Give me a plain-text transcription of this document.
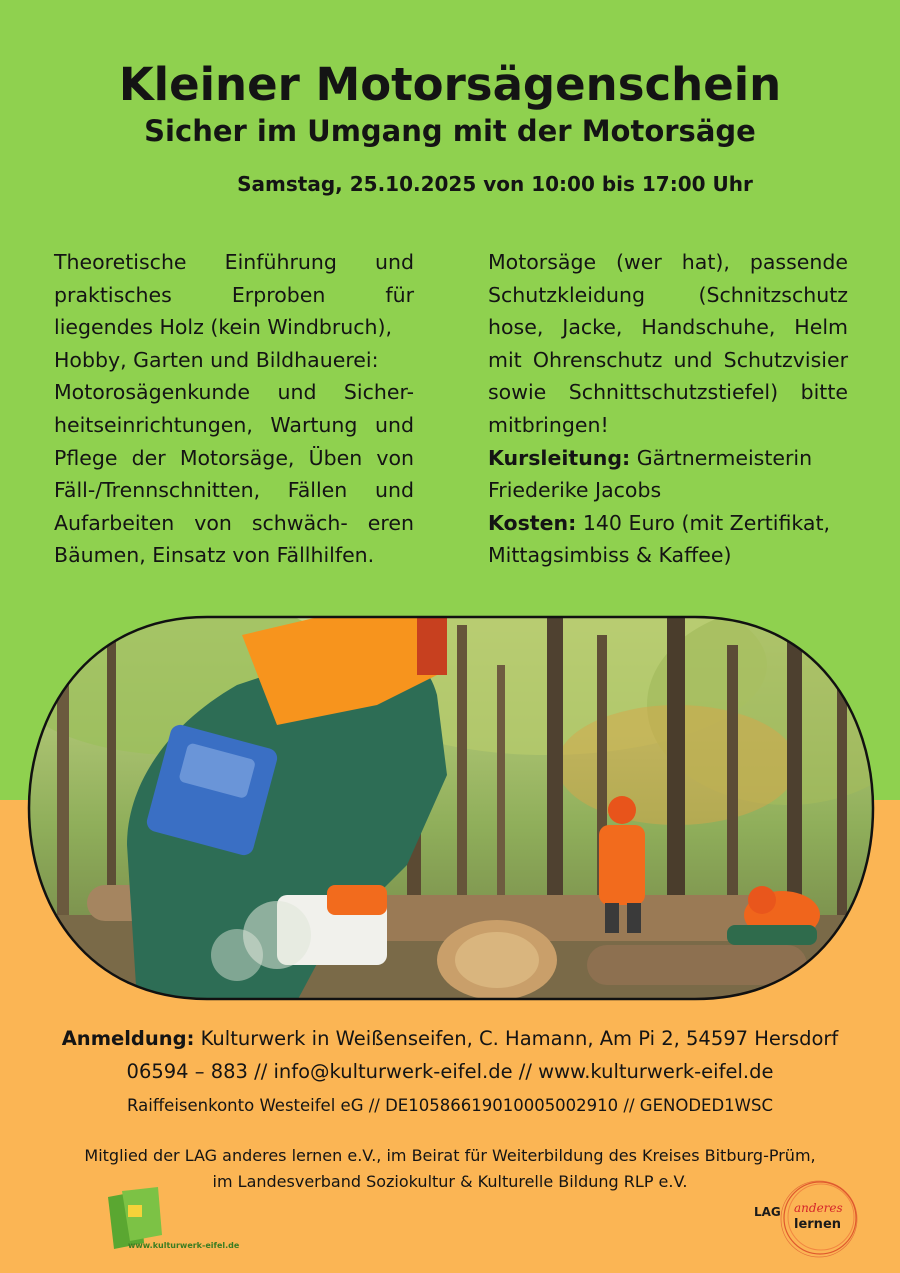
Kleiner Motorsägenschein
Sicher im Umgang mit der Motorsäge
Samstag, 25.10.2025 von 10:00 bis 17:00 Uhr
Theoretische Einführung und
praktisches Erproben für
liegendes Holz (kein Windbruch),
Hobby, Garten und Bildhauerei:
Motorosägenkunde und Sicher-
heitseinrichtungen, Wartung und
Pflege der Motorsäge, Üben von
Fäll-/Trennschnitten, Fällen und
Aufarbeiten von schwäch- eren
Bäumen, Einsatz von Fällhilfen.

Motorsäge (wer hat), passende Schutzkleidung (Schnitzschutz hose, Jacke, Handschuhe, Helm mit Ohrenschutz und Schutzvisier sowie Schnittschutzstiefel) bitte mitbringen!

Kursleitung: Gärtnermeisterin Friederike Jacobs

Kosten: 140 Euro (mit Zertifikat, Mittagsimbiss & Kaffee)

Anmeldung: Kulturwerk in Weißenseifen, C. Hamann, Am Pi 2, 54597 Hersdorf
06594 – 883 // info@kulturwerk-eifel.de // www.kulturwerk-eifel.de
Raiffeisenkonto Westeifel eG // DE10586619010005002910 // GENODED1WSC
Mitglied der LAG anderes lernen e.V., im Beirat für Weiterbildung des Kreises Bitburg-Prüm,
im Landesverband Soziokultur & Kulturelle Bildung RLP e.V.
www.kulturwerk-eifel.de
LAG anderes
lernen
